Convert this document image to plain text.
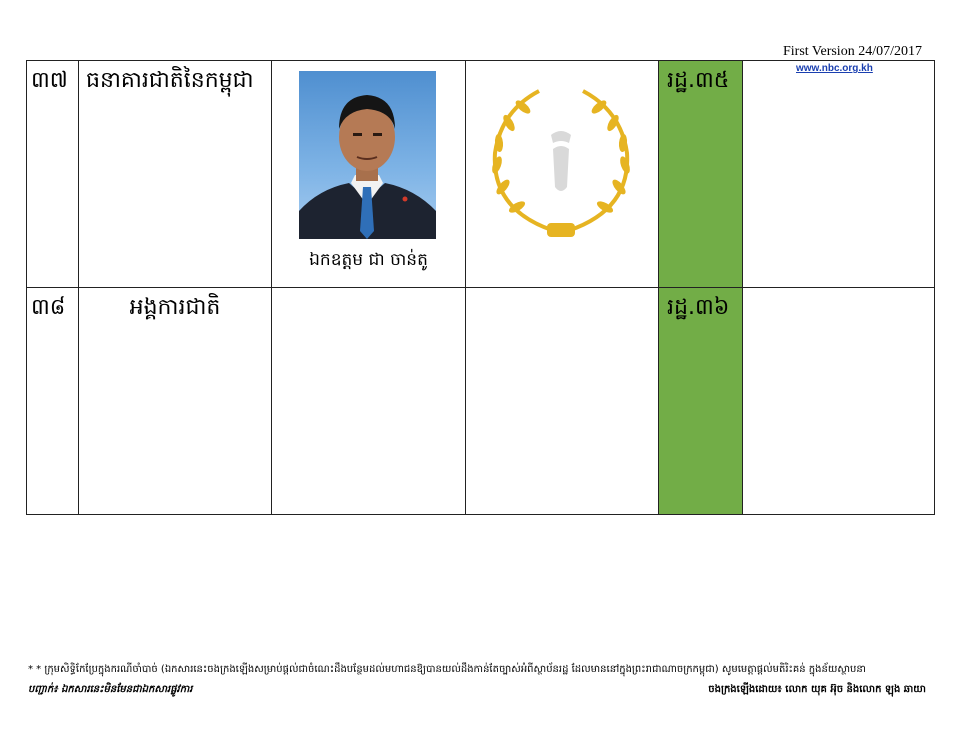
First Version 24/07/2017
www.nbc.org.kh
៣៧	ធនាគារជាតិនៃកម្ពុជា	ឯកឧត្តម ជា ចាន់តូ		រដ្ឋ.៣៥	

៣៨	អង្គការជាតិ			រដ្ឋ.៣៦	

* * ក្រុមសិទ្ធិកែប្រែក្នុងករណីចាំបាច់ (ឯកសារនេះចងក្រងឡើងសម្រាប់ផ្តល់ជាចំណេះដឹងបន្ថែមដល់មហាជនឱ្យបានយល់ដឹងកាន់តែច្បាស់អំពីស្ថាប័នរដ្ឋ ដែលមាននៅក្នុងព្រះរាជាណាចក្រកម្ពុជា) សូមមេត្តាផ្តល់មតិរិះគន់ ក្នុងន័យស្ថាបនា
បញ្ជាក់៖ ឯកសារនេះមិនមែនជាឯកសារផ្លូវការ	ចងក្រងឡើងដោយ៖ លោក យុគ អ៊ុច និងលោក ឡុង ឆាយា
